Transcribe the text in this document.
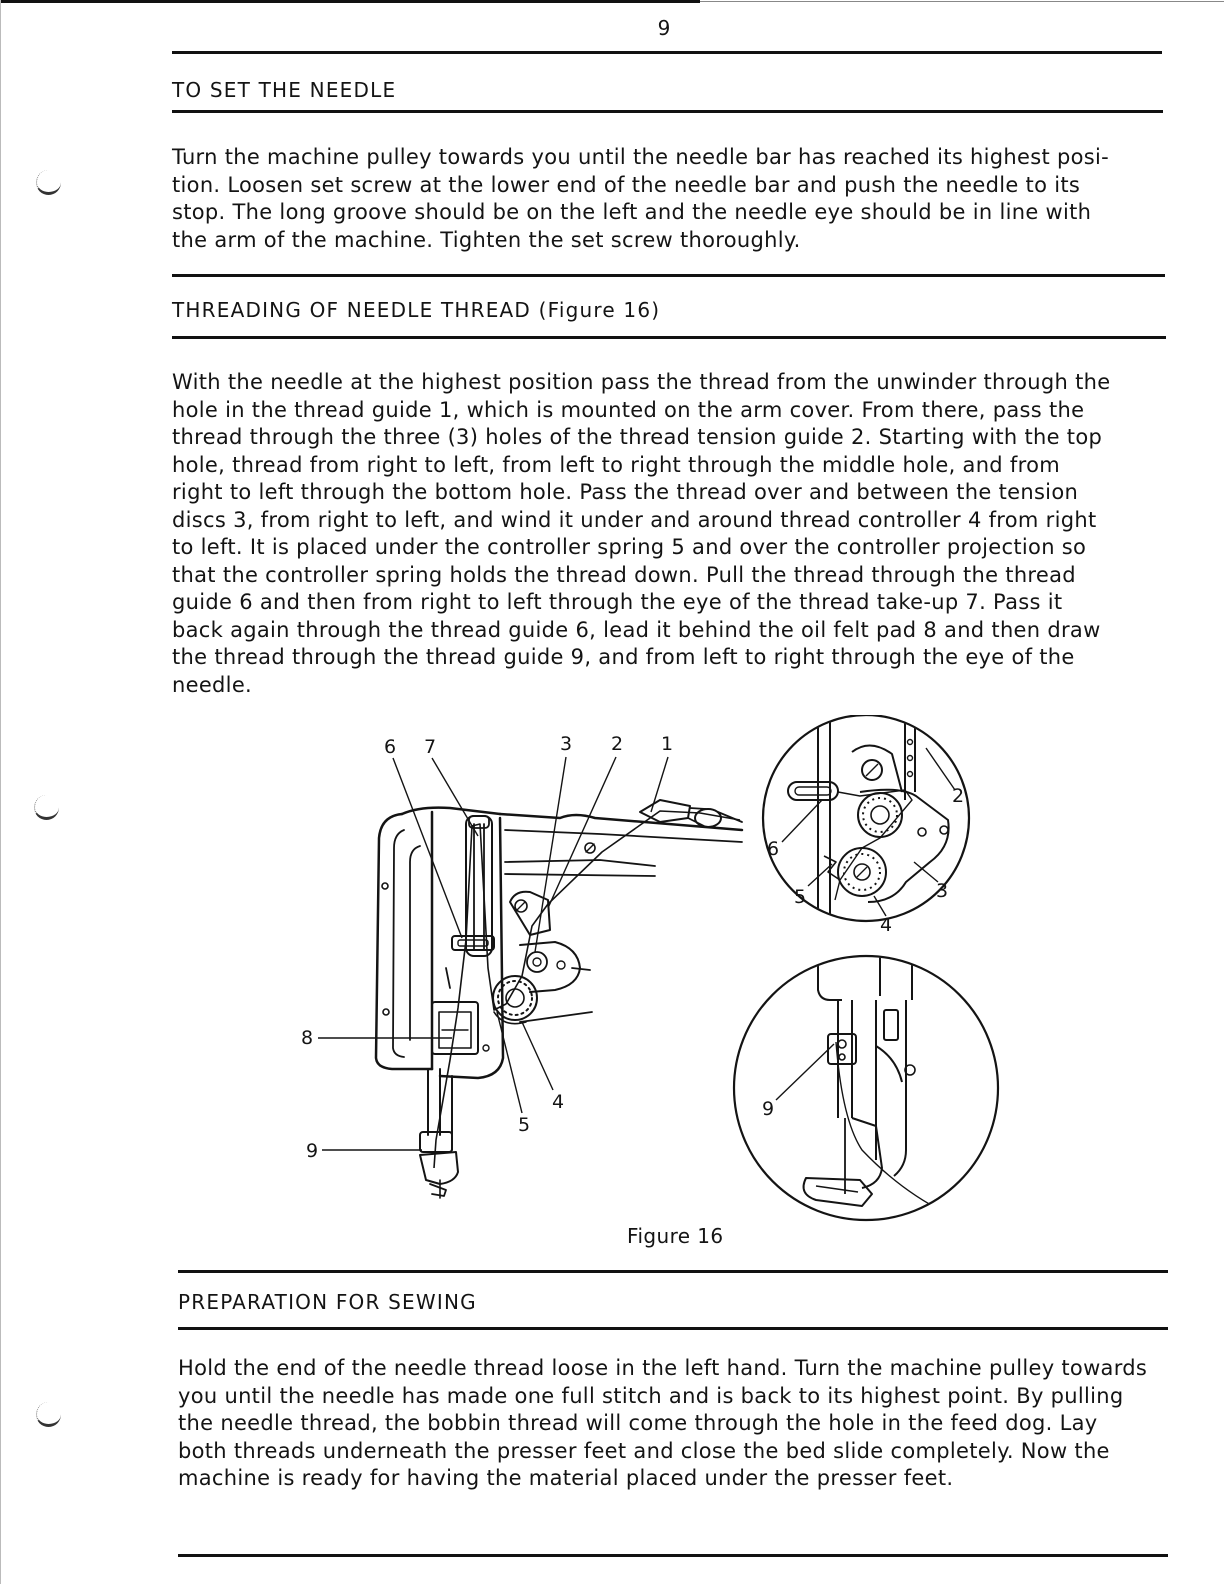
9
TO SET THE NEEDLE
Turn the machine pulley towards you until the needle bar has reached its highest posi-
tion. Loosen set screw at the lower end of the needle bar and push the needle to its
stop. The long groove should be on the left and the needle eye should be in line with
the arm of the machine. Tighten the set screw thoroughly.
THREADING OF NEEDLE THREAD (Figure 16)
With the needle at the highest position pass the thread from the unwinder through the
hole in the thread guide 1, which is mounted on the arm cover. From there, pass the
thread through the three (3) holes of the thread tension guide 2. Starting with the top
hole, thread from right to left, from left to right through the middle hole, and from
right to left through the bottom hole. Pass the thread over and between the tension
discs 3, from right to left, and wind it under and around thread controller 4 from right
to left. It is placed under the controller spring 5 and over the controller projection so
that the controller spring holds the thread down. Pull the thread through the thread
guide 6 and then from right to left through the eye of the thread take-up 7. Pass it
back again through the thread guide 6, lead it behind the oil felt pad 8 and then draw
the thread through the thread guide 9, and from left to right through the eye of the
needle.
6 7	3 2 1
8
9
4
5
2
6
5	3
4
9
Figure 16
PREPARATION FOR SEWING
Hold the end of the needle thread loose in the left hand. Turn the machine pulley towards
you until the needle has made one full stitch and is back to its highest point. By pulling
the needle thread, the bobbin thread will come through the hole in the feed dog. Lay
both threads underneath the presser feet and close the bed slide completely. Now the
machine is ready for having the material placed under the presser feet.
